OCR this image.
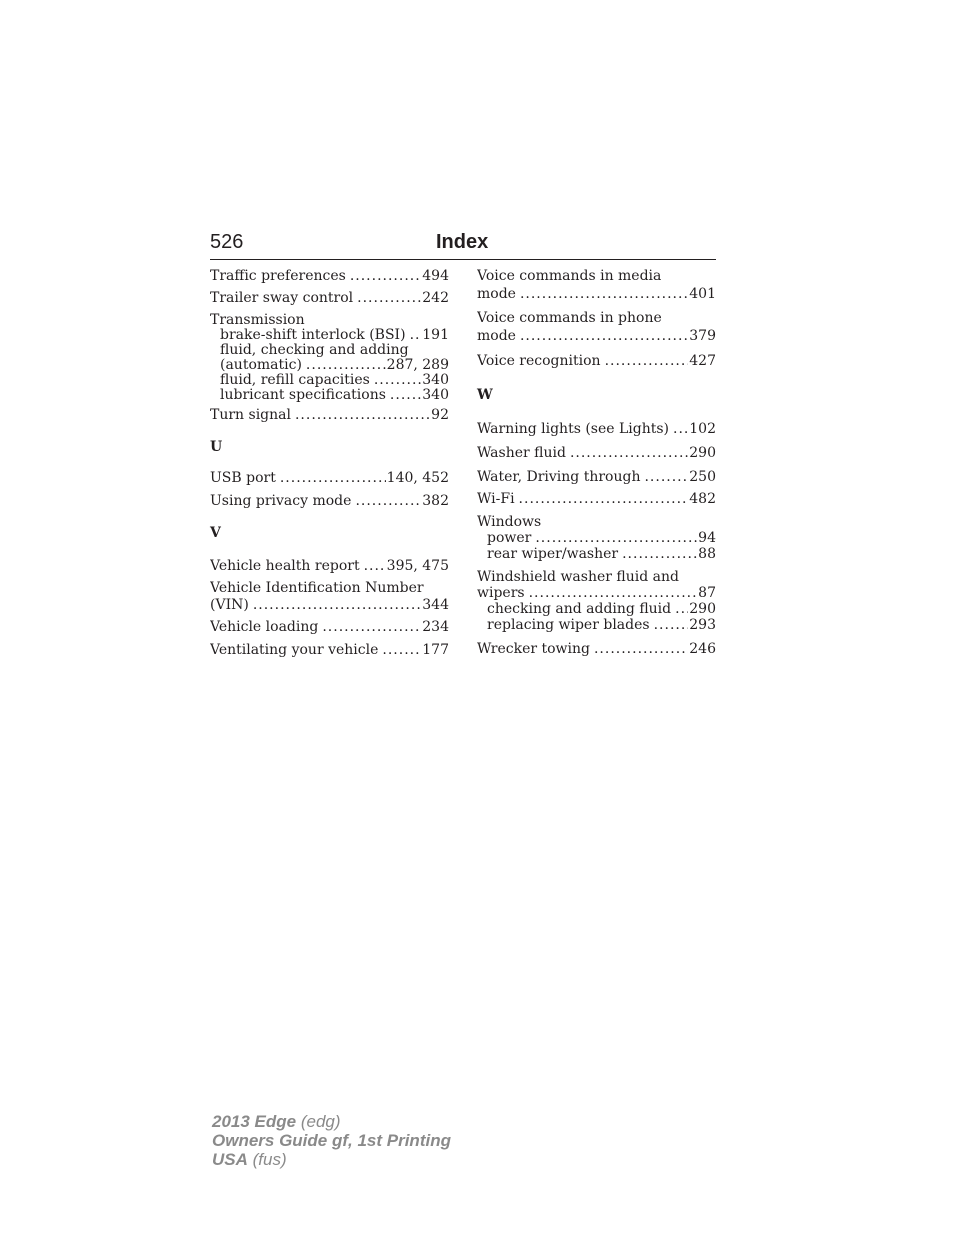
526	Index
Traffic preferences .....	494
Trailer sway control .....	242
Transmission
brake-shift interlock (BSI) ..... 191
fluid, checking and adding
(automatic) .....	287, 289
fluid, refill capacities .....	340
lubricant specifications .....	340
Turn signal .....	92
U
USB port .....	140, 452
Using privacy mode .....	382
V
Vehicle health report ..... 395, 475
Vehicle Identification Number
(VIN) .....	344
Vehicle loading .....	234
Ventilating your vehicle .....	177
Voice commands in media
mode .....	401
Voice commands in phone
mode .....	379
Voice recognition .....	427
W
Warning lights (see Lights) ..... 102
Washer fluid .....	290
Water, Driving through .....	250
Wi-Fi .....	482
Windows
power .....	94
rear wiper/washer .....	88
Windshield washer fluid and
wipers .....	87
checking and adding fluid ..... 290
replacing wiper blades .....	293
Wrecker towing .....	246
2013 Edge (edg)
Owners Guide gf, 1st Printing
USA (fus)
